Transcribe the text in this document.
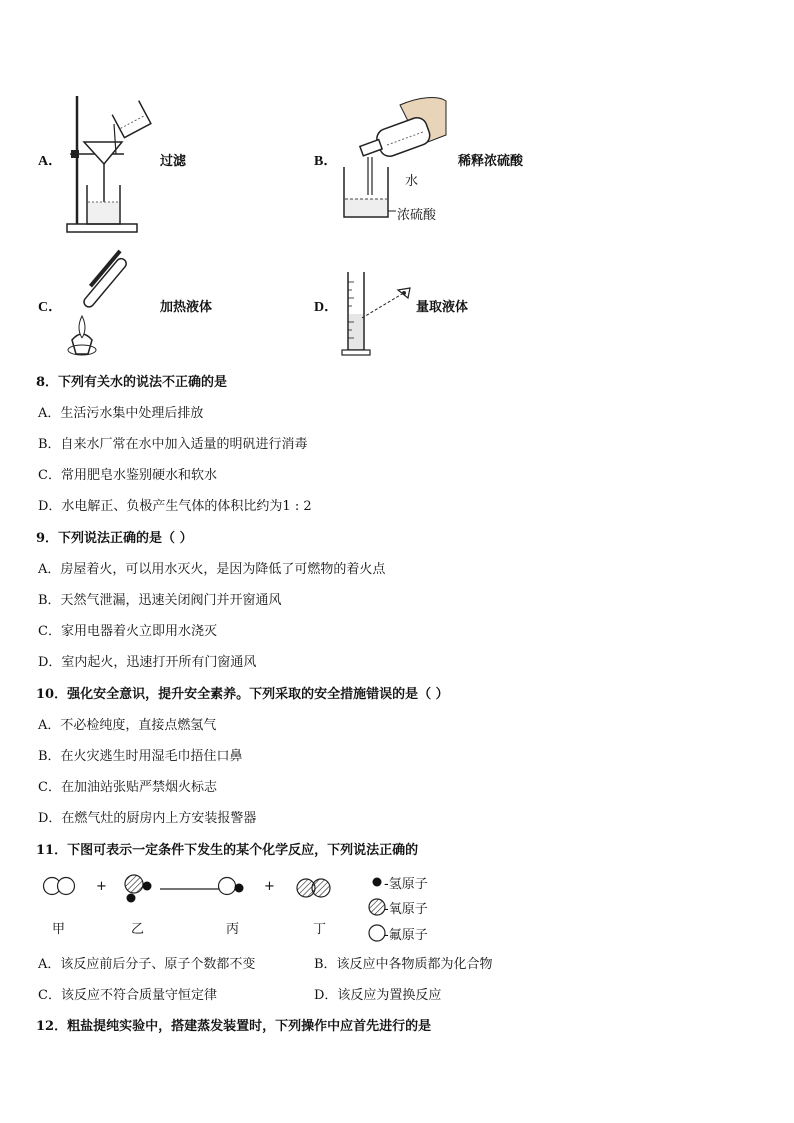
A．	过滤	B．
水
浓硫酸
稀释浓硫酸
C．	加热液体	D．	量取液体
8．下列有关水的说法不正确的是
A．生活污水集中处理后排放
B．自来水厂常在水中加入适量的明矾进行消毒
C．常用肥皂水鉴别硬水和软水
D．水电解正、负极产生气体的体积比约为1 : 2
9．下列说法正确的是（ ）
A．房屋着火，可以用水灭火，是因为降低了可燃物的着火点
B．天然气泄漏，迅速关闭阀门并开窗通风
C．家用电器着火立即用水浇灭
D．室内起火，迅速打开所有门窗通风
10．强化安全意识，提升安全素养。下列采取的安全措施错误的是（ ）
A．不必检纯度，直接点燃氢气
B．在火灾逃生时用湿毛巾捂住口鼻
C．在加油站张贴严禁烟火标志
D．在燃气灶的厨房内上方安装报警器
11．下图可表示一定条件下发生的某个化学反应，下列说法正确的
+	+	-氢原子
-氧原子
-氟原子
甲	乙	丙	丁
A．该反应前后分子、原子个数都不变	B．该反应中各物质都为化合物
C．该反应不符合质量守恒定律	D．该反应为置换反应
12．粗盐提纯实验中，搭建蒸发装置时，下列操作中应首先进行的是
